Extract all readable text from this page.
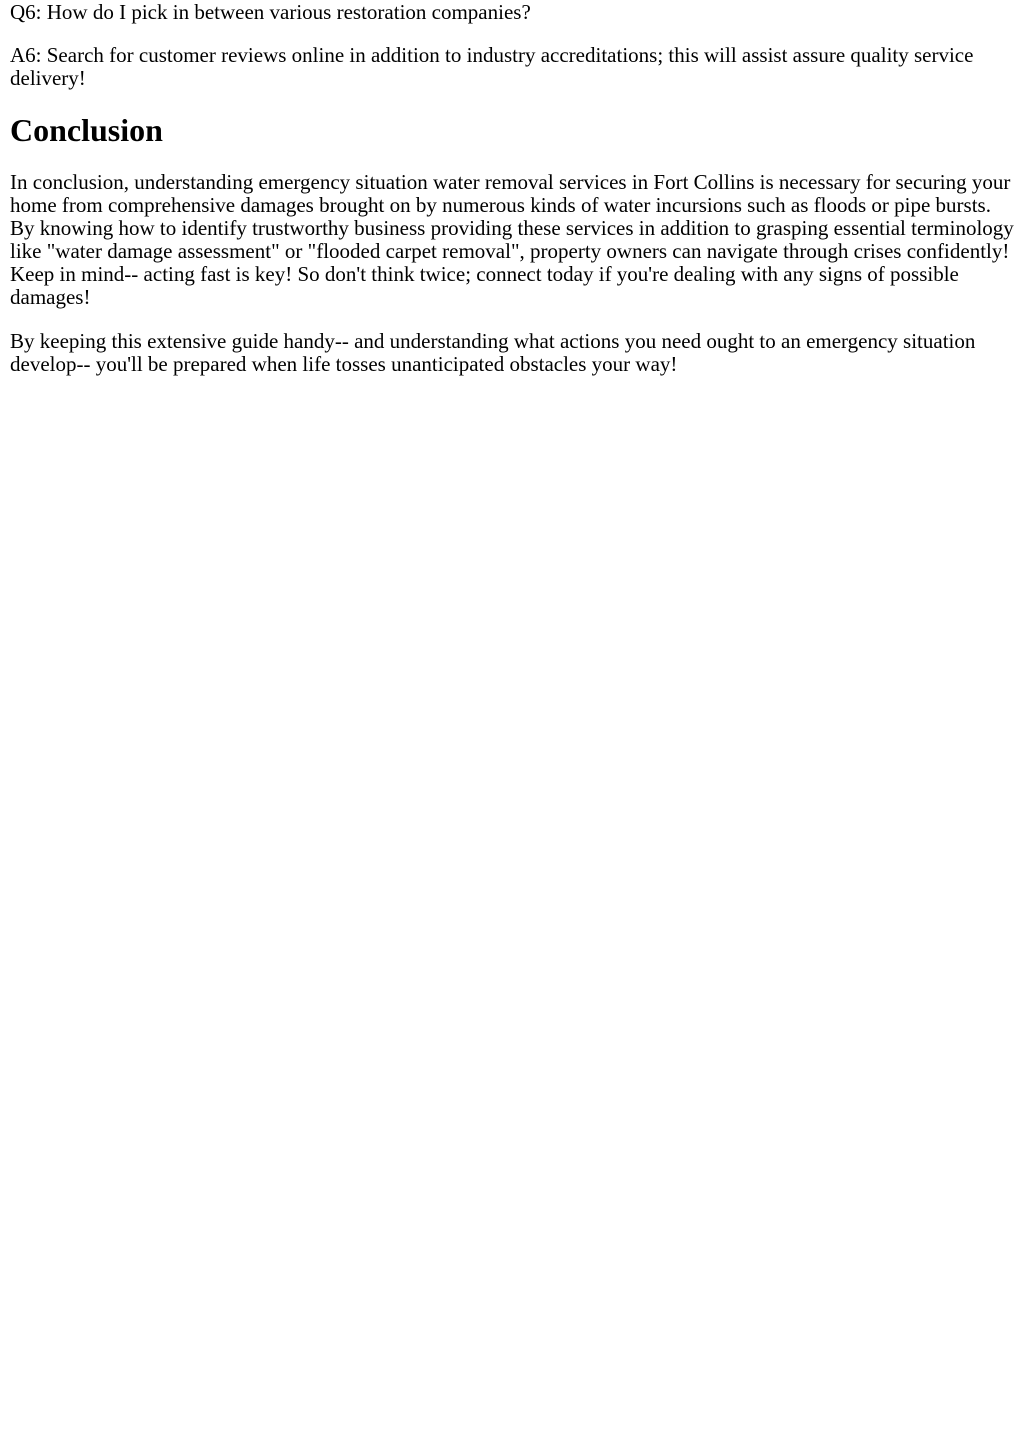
Q6: How do I pick in between various restoration companies?

A6: Search for customer reviews online in addition to industry accreditations; this will assist assure quality service delivery!

Conclusion

In conclusion, understanding emergency situation water removal services in Fort Collins is necessary for securing your home from comprehensive damages brought on by numerous kinds of water incursions such as floods or pipe bursts. By knowing how to identify trustworthy business providing these services in addition to grasping essential terminology like "water damage assessment" or "flooded carpet removal", property owners can navigate through crises confidently! Keep in mind-- acting fast is key! So don't think twice; connect today if you're dealing with any signs of possible damages!

By keeping this extensive guide handy-- and understanding what actions you need ought to an emergency situation develop-- you'll be prepared when life tosses unanticipated obstacles your way!
